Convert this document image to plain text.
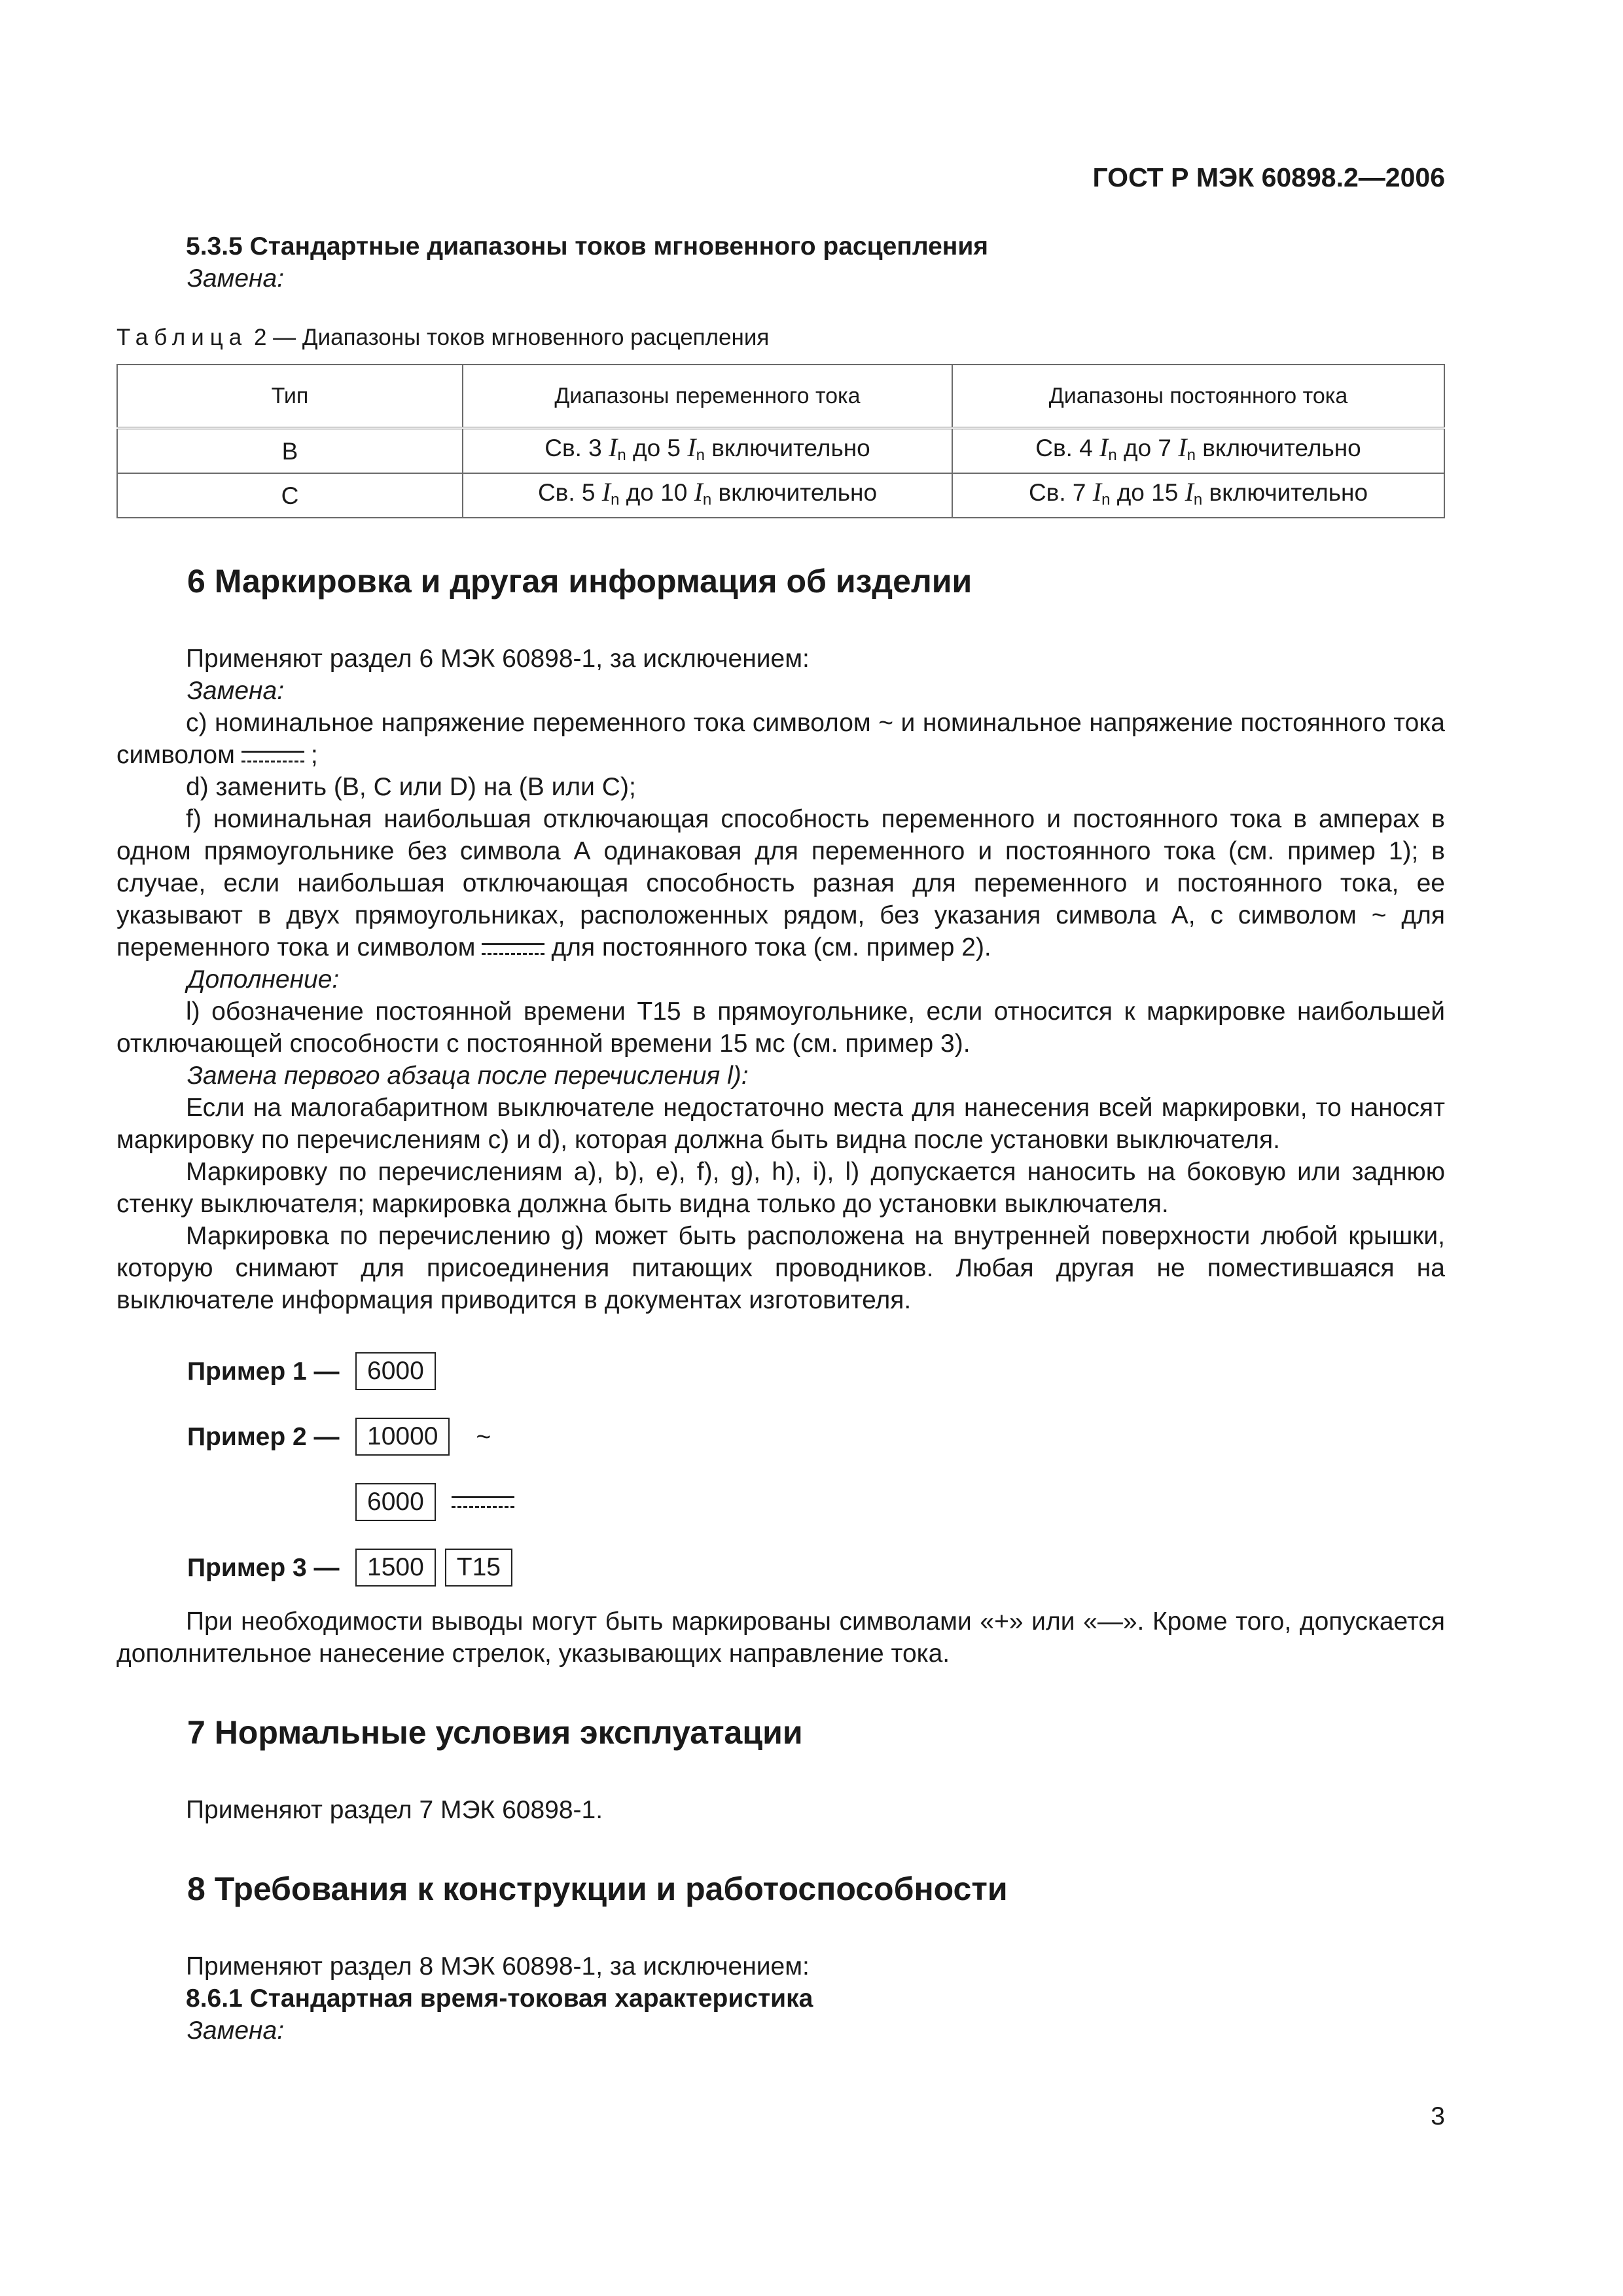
ГОСТ Р МЭК 60898.2—2006
5.3.5 Стандартные диапазоны токов мгновенного расцепления
Замена:
Таблица 2 — Диапазоны токов мгновенного расцепления
Тип	Диапазоны переменного тока	Диапазоны постоянного тока
B	Св. 3 $I_n$ до 5 $I_n$ включительно	Св. 4 $I_n$ до 7 $I_n$ включительно
C	Св. 5 $I_n$ до 10 $I_n$ включительно	Св. 7 $I_n$ до 15 $I_n$ включительно
6 Маркировка и другая информация об изделии
Применяют раздел 6 МЭК 60898-1, за исключением:
Замена:
c) номинальное напряжение переменного тока символом ~ и номинальное напряжение постоянного тока символом	;
d) заменить (B, C или D) на (B или C);
f) номинальная наибольшая отключающая способность переменного и постоянного тока в амперах в одном прямоугольнике без символа А одинаковая для переменного и постоянного тока (см. пример 1); в случае, если наибольшая отключающая способность разная для переменного и постоянного тока, ее указывают в двух прямоугольниках, расположенных рядом, без указания символа А, с символом ~ для переменного тока и символом	для постоянного тока (см. пример 2).
Дополнение:
l) обозначение постоянной времени Т15 в прямоугольнике, если относится к маркировке наибольшей отключающей способности с постоянной времени 15 мс (см. пример 3).
Замена первого абзаца после перечисления l):
Если на малогабаритном выключателе недостаточно места для нанесения всей маркировки, то наносят маркировку по перечислениям c) и d), которая должна быть видна после установки выключателя.
Маркировку по перечислениям a), b), e), f), g), h), i), l) допускается наносить на боковую или заднюю стенку выключателя; маркировка должна быть видна только до установки выключателя.
Маркировка по перечислению g) может быть расположена на внутренней поверхности любой крышки, которую снимают для присоединения питающих проводников. Любая другая не поместившаяся на выключателе информация приводится в документах изготовителя.
Пример 1 —	6000
Пример 2 —	10000	~
6000
Пример 3 —	1500	T15
При необходимости выводы могут быть маркированы символами «+» или «—». Кроме того, допускается дополнительное нанесение стрелок, указывающих направление тока.
7 Нормальные условия эксплуатации
Применяют раздел 7 МЭК 60898-1.
8 Требования к конструкции и работоспособности
Применяют раздел 8 МЭК 60898-1, за исключением:
8.6.1 Стандартная время-токовая характеристика
Замена:
3
